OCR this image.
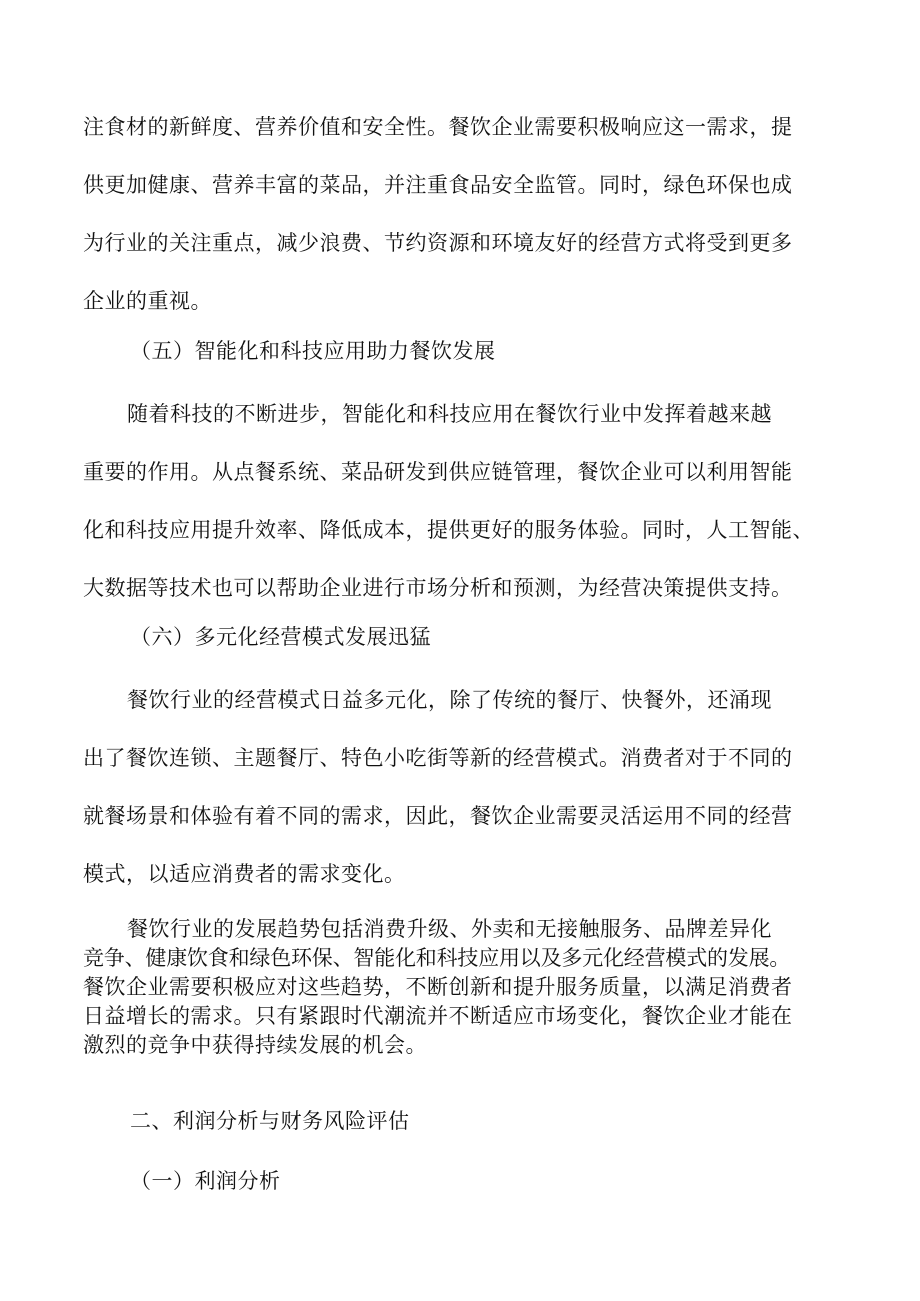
注食材的新鲜度、营养价值和安全性。餐饮企业需要积极响应这一需求，提
供更加健康、营养丰富的菜品，并注重食品安全监管。同时，绿色环保也成
为行业的关注重点，减少浪费、节约资源和环境友好的经营方式将受到更多
企业的重视。

（五）智能化和科技应用助力餐饮发展

随着科技的不断进步，智能化和科技应用在餐饮行业中发挥着越来越
重要的作用。从点餐系统、菜品研发到供应链管理，餐饮企业可以利用智能
化和科技应用提升效率、降低成本，提供更好的服务体验。同时，人工智能、
大数据等技术也可以帮助企业进行市场分析和预测，为经营决策提供支持。

（六）多元化经营模式发展迅猛

餐饮行业的经营模式日益多元化，除了传统的餐厅、快餐外，还涌现
出了餐饮连锁、主题餐厅、特色小吃街等新的经营模式。消费者对于不同的
就餐场景和体验有着不同的需求，因此，餐饮企业需要灵活运用不同的经营
模式，以适应消费者的需求变化。

餐饮行业的发展趋势包括消费升级、外卖和无接触服务、品牌差异化
竞争、健康饮食和绿色环保、智能化和科技应用以及多元化经营模式的发展。
餐饮企业需要积极应对这些趋势，不断创新和提升服务质量，以满足消费者
日益增长的需求。只有紧跟时代潮流并不断适应市场变化，餐饮企业才能在
激烈的竞争中获得持续发展的机会。

二、利润分析与财务风险评估
（一）利润分析
